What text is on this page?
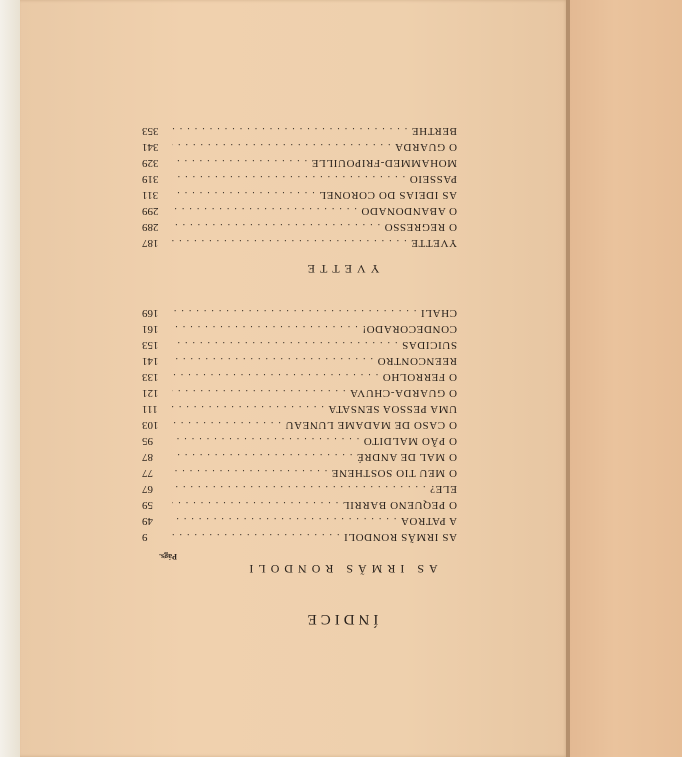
ÍNDICE
AS IRMÃS RONDOLI
Págs.
AS IRMÃS RONDOLI
.....
9
A PATROA
.....
49
O PEQUENO BARRIL
.....
59
ELE?
.....
67
O MEU TIO SOSTHENE
.....
77
O MAL DE ANDRÉ
.....
87
O PÃO MALDITO
.....
95
O CASO DE MADAME LUNEAU
.....
103
UMA PESSOA SENSATA
.....
111
O GUARDA-CHUVA
.....
121
O FERROLHO
.....
133
REENCONTRO
.....
141
SUICIDAS
.....
153
CONDECORADO!
.....
161
CHALI
.....
169
YVETTE
YVETTE
.....
187
O REGRESSO
.....
289
O ABANDONADO
.....
299
AS IDEIAS DO CORONEL
.....
311
PASSEIO
.....
319
MOHAMMED-FRIPOUILLE
.....
329
O GUARDA
.....
341
BERTHE
.....
353
